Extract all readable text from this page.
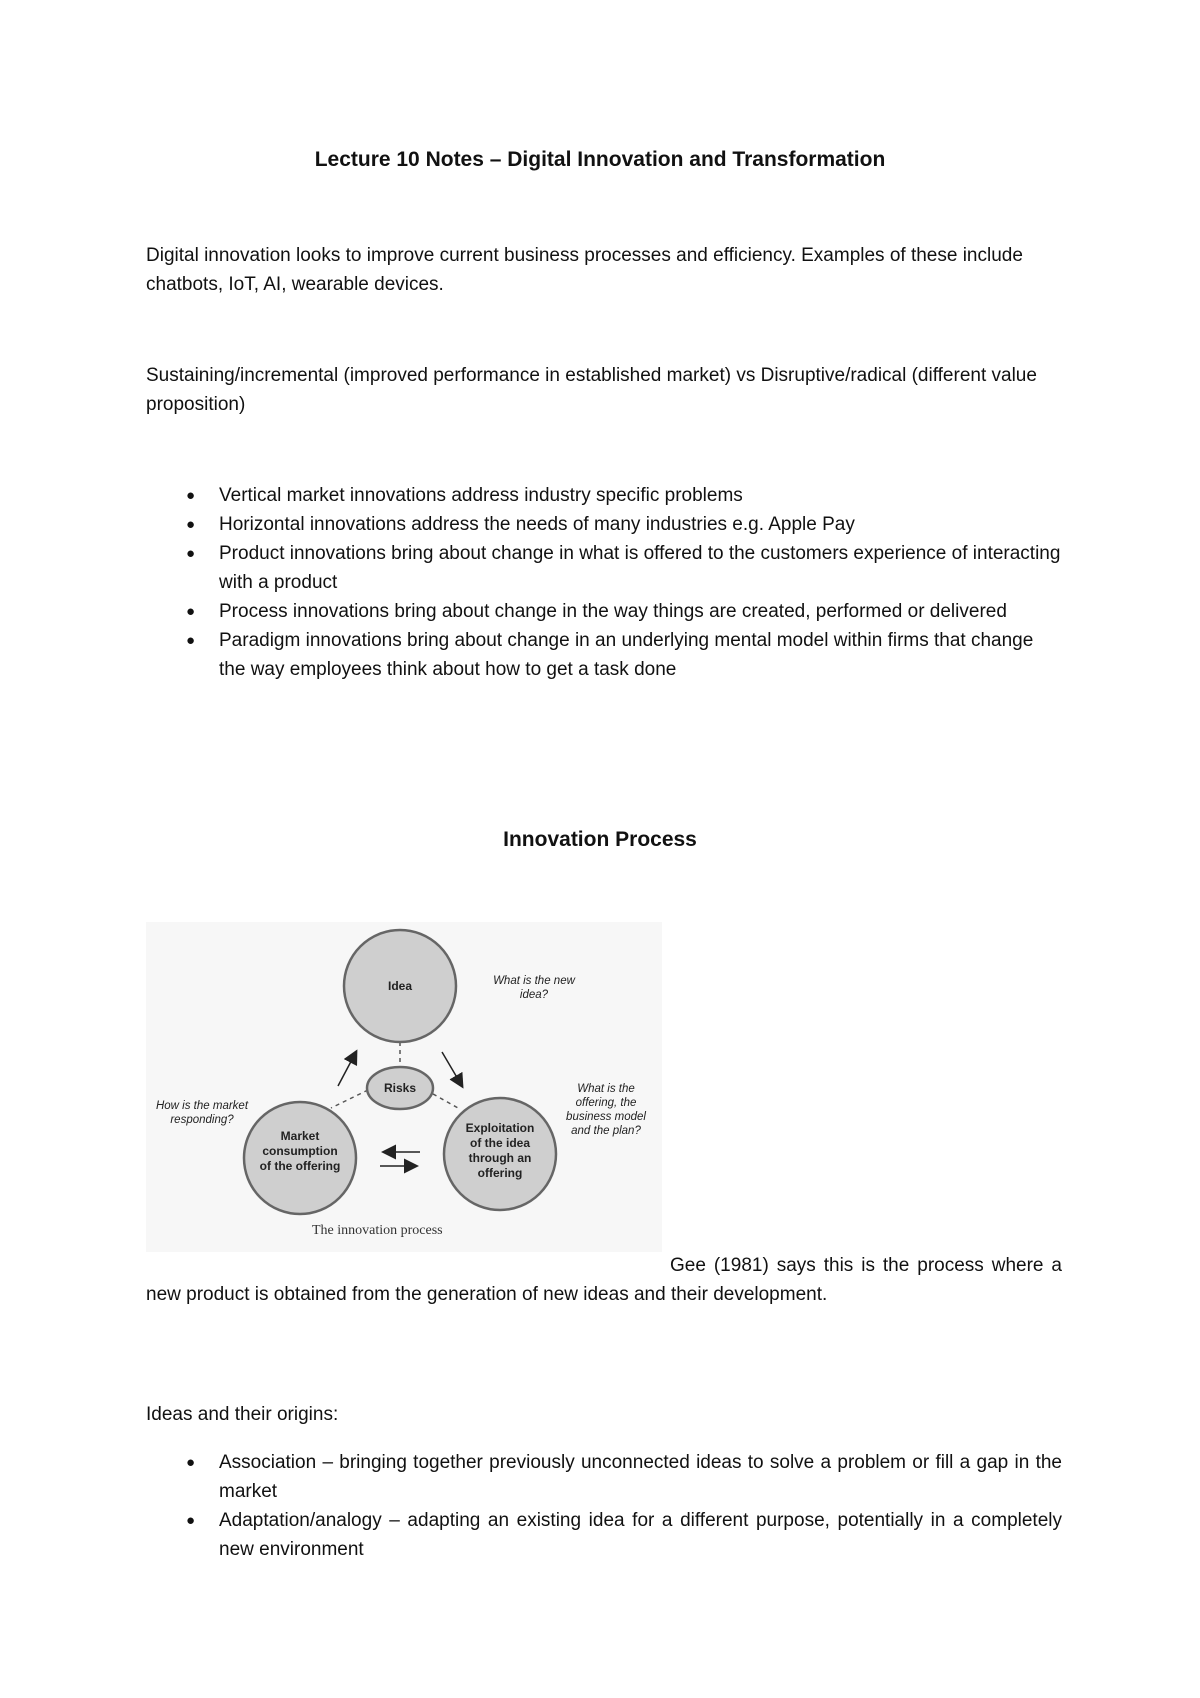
Lecture 10 Notes – Digital Innovation and Transformation

Digital innovation looks to improve current business processes and efficiency. Examples of these include chatbots, IoT, AI, wearable devices.

Sustaining/incremental (improved performance in established market) vs Disruptive/radical (different value proposition)

● Vertical market innovations address industry specific problems
● Horizontal innovations address the needs of many industries e.g. Apple Pay
● Product innovations bring about change in what is offered to the customers experience of interacting with a product
● Process innovations bring about change in the way things are created, performed or delivered
● Paradigm innovations bring about change in an underlying mental model within firms that change the way employees think about how to get a task done
Innovation Process
Idea
Risks
Market
consumption
of the offering
Exploitation
of the idea
through an
offering
What is the new
idea?
How is the market
responding?
What is the
offering, the
business model
and the plan?
The innovation process

Gee (1981) says this is the process where a new product is obtained from the generation of new ideas and their development.

Ideas and their origins:

● Association – bringing together previously unconnected ideas to solve a problem or fill a gap in the market
● Adaptation/analogy – adapting an existing idea for a different purpose, potentially in a completely new environment
